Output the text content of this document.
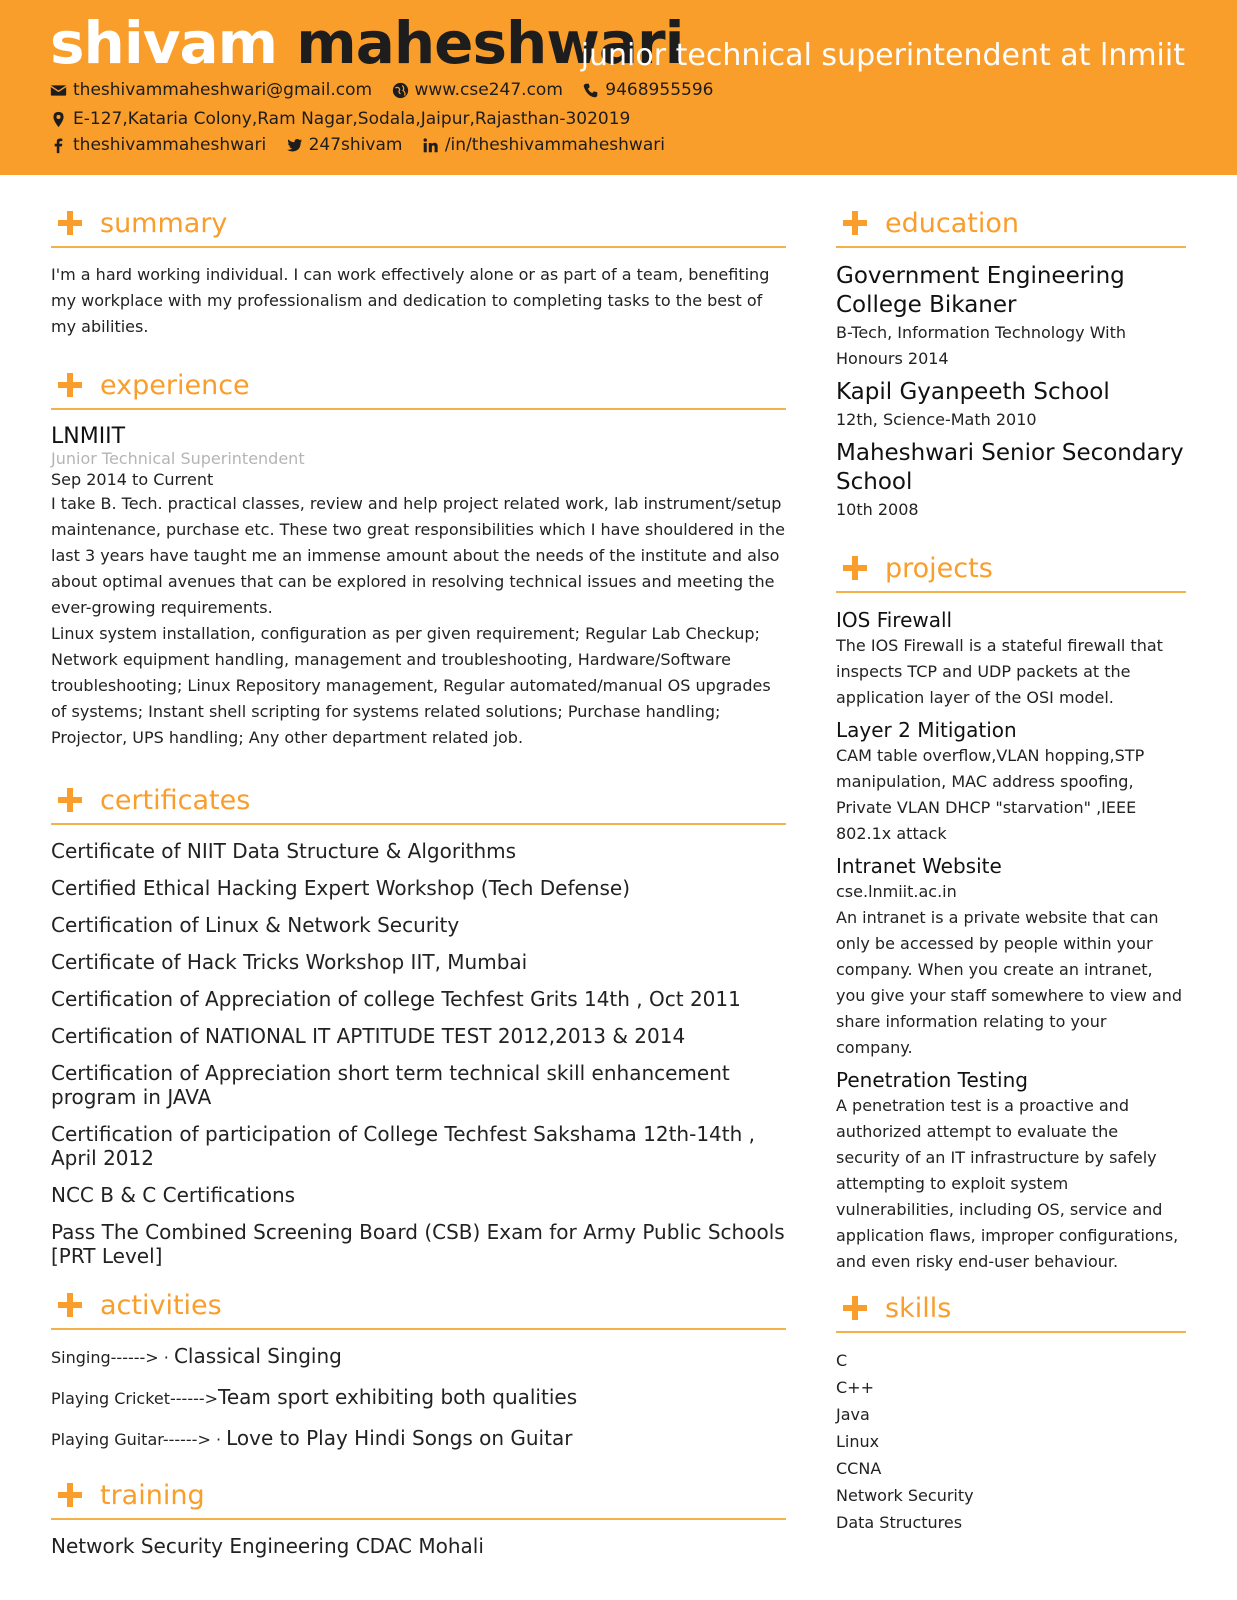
shivam maheshwari
junior technical superintendent at lnmiit
theshivammaheshwari@gmail.com
www.cse247.com
9468955596
E-127,Kataria Colony,Ram Nagar,Sodala,Jaipur,Rajasthan-302019
theshivammaheshwari
247shivam
/in/theshivammaheshwari
summary
I'm a hard working individual. I can work effectively alone or as part of a team, benefiting my workplace with my professionalism and dedication to completing tasks to the best of my abilities.
experience
LNMIIT
Junior Technical Superintendent
Sep 2014 to Current
I take B. Tech. practical classes, review and help project related work, lab instrument/setup maintenance, purchase etc. These two great responsibilities which I have shouldered in the last 3 years have taught me an immense amount about the needs of the institute and also about optimal avenues that can be explored in resolving technical issues and meeting the ever-growing requirements.
Linux system installation, configuration as per given requirement; Regular Lab Checkup; Network equipment handling, management and troubleshooting, Hardware/Software troubleshooting; Linux Repository management, Regular automated/manual OS upgrades of systems; Instant shell scripting for systems related solutions; Purchase handling; Projector, UPS handling; Any other department related job.
certificates
Certificate of NIIT Data Structure & Algorithms
Certified Ethical Hacking Expert Workshop (Tech Defense)
Certification of Linux & Network Security
Certificate of Hack Tricks Workshop IIT, Mumbai
Certification of Appreciation of college Techfest Grits 14th , Oct 2011
Certification of NATIONAL IT APTITUDE TEST 2012,2013 & 2014
Certification of Appreciation short term technical skill enhancement program in JAVA
Certification of participation of College Techfest Sakshama 12th-14th , April 2012
NCC B & C Certifications
Pass The Combined Screening Board (CSB) Exam for Army Public Schools [PRT Level]
activities
Singing------> · Classical Singing
Playing Cricket------>Team sport exhibiting both qualities
Playing Guitar------> · Love to Play Hindi Songs on Guitar
training
Network Security Engineering CDAC Mohali
education
Government Engineering College Bikaner
B-Tech, Information Technology With Honours 2014
Kapil Gyanpeeth School
12th, Science-Math 2010
Maheshwari Senior Secondary School
10th 2008
projects
IOS Firewall
The IOS Firewall is a stateful firewall that inspects TCP and UDP packets at the application layer of the OSI model.
Layer 2 Mitigation
CAM table overflow,VLAN hopping,STP manipulation, MAC address spoofing, Private VLAN DHCP "starvation" ,IEEE 802.1x attack
Intranet Website
cse.lnmiit.ac.in
An intranet is a private website that can only be accessed by people within your company. When you create an intranet, you give your staff somewhere to view and share information relating to your company.
Penetration Testing
A penetration test is a proactive and authorized attempt to evaluate the security of an IT infrastructure by safely attempting to exploit system vulnerabilities, including OS, service and application flaws, improper configurations, and even risky end-user behaviour.
skills
C
C++
Java
Linux
CCNA
Network Security
Data Structures
